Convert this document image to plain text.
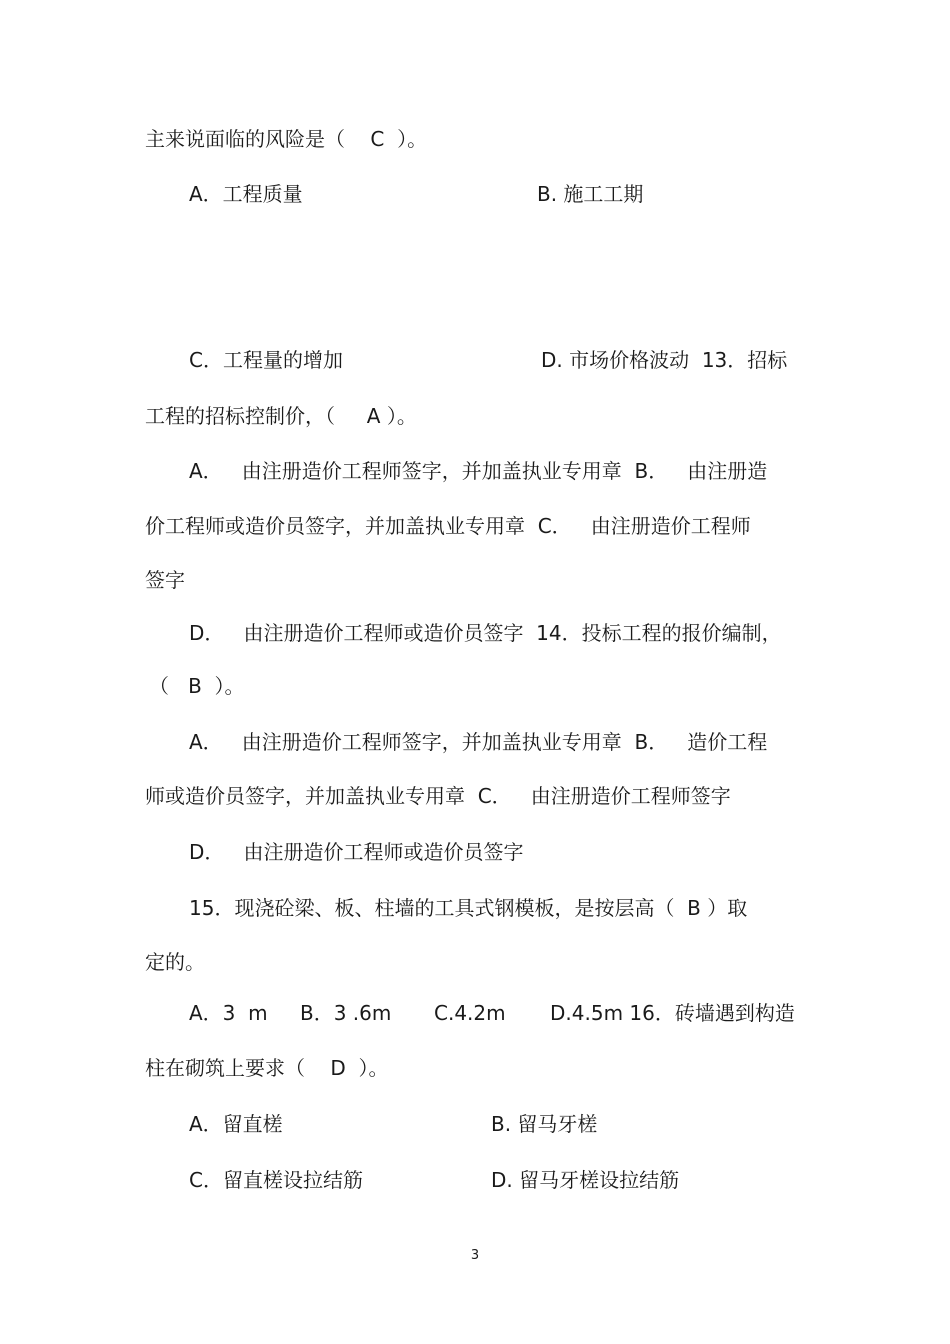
主来说面临的风险是（    C  ）。
A．工程质量	B. 施工工期
C．工程量的增加	D. 市场价格波动  13．招标
工程的招标控制价，（     A ）。
A．   由注册造价工程师签字，并加盖执业专用章  B．   由注册造
价工程师或造价员签字，并加盖执业专用章  C．   由注册造价工程师
签字
D．   由注册造价工程师或造价员签字  14．投标工程的报价编制，
（   B  ）。
A．   由注册造价工程师签字，并加盖执业专用章  B．   造价工程
师或造价员签字，并加盖执业专用章  C．   由注册造价工程师签字
D．   由注册造价工程师或造价员签字
15．现浇砼梁、板、柱墙的工具式钢模板，是按层高（  B ）取
定的。
A．3  m B．3 .6m C.4.2m D.4.5m 16．砖墙遇到构造
柱在砌筑上要求（    D  ）。
A．留直槎	B. 留马牙槎
C．留直槎设拉结筋	D. 留马牙槎设拉结筋
3
